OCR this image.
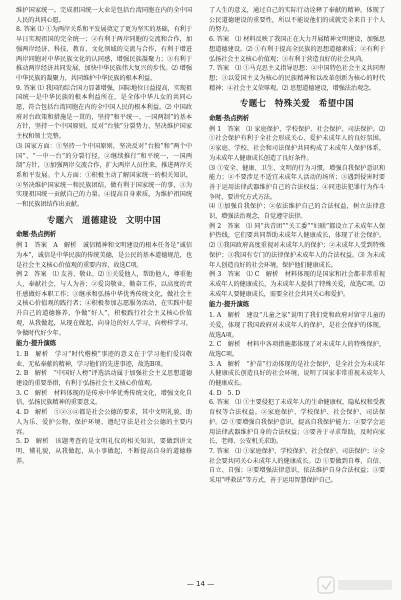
维护国家统一。完成祖国统一大业是包括台湾同胞在内的全中国人民的共同心愿。

8. 答案 ⑴ ①为两岸关系和平发展奠定了更为坚实的基础，有利于早日实现祖国的完全统一；②有利于两岸同胞的交流和合作，加强两岸经济、科技、教育、文化领域的交流与合作，有利于增进两岸同胞对中华民族文化的认同感，增强民族凝聚力；③有利于推动两岸经济共同发展，加快中华民族伟大复兴的步伐。⑵ 增强中华民族的凝聚力，共同维护中华民族的根本利益。

9. 答案 ⑴ 我国的综合国力显著增强，国际地位日益提高，实现祖国统一是中华民族的根本利益所在，是全体中华儿女的共同心愿，符合包括台湾同胞在内的全中国人民的根本利益。⑵ 中国政府对台政策和措施是一贯的，坚持“和平统一、一国两制”的基本方针，坚持一个中国原则，反对“台独”分裂势力，坚决维护国家主权和领土完整。

⑶ 国家方面：①坚持一个中国原则，坚决反对“台独”和“两个中国”、“一中一台”的分裂行径，②继续推行“和平统一，一国两制”方针，③加强两岸交流合作，扩大两岸人员往来，推进两岸关系和平发展。个人方面：①积极主动了解国家统一的相关知识，②坚决维护国家统一和民族团结，做有利于国家统一的事，③为实现祖国统一贡献自己的力量。④提高自身素质，为维护祖国统一和民族团结作出贡献。

专题六　道德建设　文明中国
命题·热点例析

例 1　答案　A　解析　诚信精神和文明建设的根本任务是“诚信为本”，诚信是中华民族的传统美德，是公民的基本道德规范，也是社会主义核心价值观的重要内容，故选C项。

例 2　答案　⑴ 友善、敬业。⑵ ①关爱他人，帮助他人，尊重他人，奉献社会，与人为善；②爱岗敬业，勤奋工作，以高度的责任感做好本职工作；③继承和弘扬中华优秀传统文化，做社会主义核心价值观的践行者；④积极参加志愿服务活动，在实践中提升自己的道德修养，争做“好人”，积极践行社会主义核心价值观，从我做起，从现在做起，向身边的好人学习，向榜样学习，争做时代好少年。

能力·提升演练

1. B　解析　学习“时代楷模”事迹的意义在于学习他们爱岗敬业、无私奉献的精神，学习他们的先进事迹，故选B项。

2. B　解析　“中国好人榜”评选活动属于加强社会主义思想道德建设的重要举措，有利于弘扬社会主义核心价值观。

3. C　解析　材料体现的是传承中华优秀传统文化，增强文化自信，弘扬民族精神的重要意义。

4. D　解析　①②③④都是社会公德的要求，其中文明礼貌、助人为乐、爱护公物、保护环境、遵纪守法是社会公德的主要内容。

5. D　解析　该题考查的是文明礼仪的相关知识，要做到讲文明、懂礼貌，从我做起，从小事做起，不断提高自身的道德修养。

了人生的意义，通过自己的实际行动诠释了奉献的精神，体现了公民道德建设的重要性，所以不能说他们的成就完全来自于个人的努力。

6. 答案　⑴ 材料反映了我国正在大力开展精神文明建设，加强思想道德建设。⑵ ①有利于提高全民族的思想道德素质；②有利于弘扬社会主义核心价值观；③有利于营造良好的社会风尚。

7. 答案　⑴ ①马克思主义指导思想；②中国特色社会主义共同理想；③以爱国主义为核心的民族精神和以改革创新为核心的时代精神；④社会主义荣辱观。⑵ 思想道德建设，增强法治观念。

专题七　特殊关爱　希望中国
命题·热点例析

例 1　答案　⑴ 家庭保护、学校保护、社会保护、司法保护。⑵ ①社会保护有利于全社会形成关心、爱护未成年人的良好氛围。②家庭、学校、社会和司法保护共同构成了未成年人保护体系，为未成年人健康成长创造了良好条件。

⑶ ①安全、健康、卫生、文明的行为习惯，增强自我保护意识和能力；②不要涉足不适宜未成年人活动的场所；③遇到侵害时要善于运用法律武器维护自己的合法权益；④同违法犯罪行为作斗争时，要讲究方式方法。

⑷ ①加强自我保护；②依法维护自己的合法权益，树立法律意识，增强法治观念，自觉遵守法律。

例 2　答案　⑴ 同“共青团”“关工委”“妇联”都设立了未成年人保护热线，它们要共同帮助未成年人健康成长，体现了社会保护。⑵ ①我国政府高度重视对未成年人的保护；②未成年人受到特殊保护；③我国有专门的法律保护未成年人的合法权益。⑶ 为未成年人创造良好的社会环境，保护他们健康成长。

例 3　答案　⑴ C　解析　材料体现的是国家和社会都非常重视未成年人的健康成长，为未成年人提供了特殊关爱，故选C项。⑵ 未成年人要健康成长，需要全社会共同关心和爱护。

能力·提升演练

1. A　解析　建设“儿童之家”说明了我们党和政府对留守儿童的关爱，体现了我国政府对未成年人的保护，是社会保护的体现，故选A项。

2. C　解析　材料中各项措施都体现了对未成年人的特殊保护，故选C项。

3. A　解析　“护苗”行动体现的是社会保护，是全社会为未成年人健康成长创造良好的社会环境，说明了国家非常重视未成年人的健康成长。

4. D　5. D

6. 答案　⑴ ①主要侵犯了未成年人的生命健康权、隐私权和受教育权等合法权益。②家庭保护、学校保护、社会保护、司法保护。⑵ ①要增强自我保护意识，提高自我保护能力；②要学会运用法律武器维护自身的合法权益；③要善于寻求帮助，及时向家长、老师、公安机关求助。

7. 答案　⑴ ①家庭保护、学校保护、社会保护、司法保护；②全社会要共同关心未成年人的健康成长。⑵ ①要做到自尊、自信、自立、自强；②要增强法律意识，依法维护自身合法权益；③要采用“呼救法”等方式，善于运用智慧保护自己。

— 14 —
